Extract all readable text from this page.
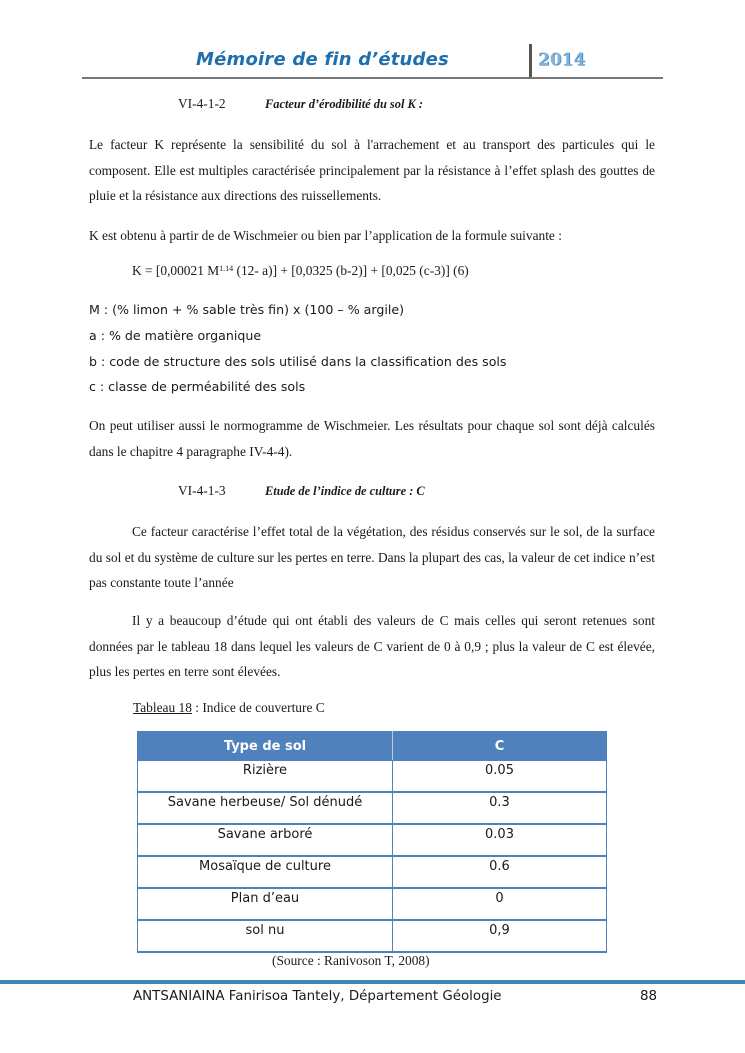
Mémoire de fin d’études	2014
VI-4-1-2	Facteur d’érodibilité du sol K :
Le facteur K représente la sensibilité du sol à l'arrachement et au transport des particules qui le composent. Elle est multiples caractérisée principalement par la résistance à l’effet splash des gouttes de pluie et la résistance aux directions des ruissellements.
K est obtenu à partir de de Wischmeier ou bien par l’application de la formule suivante :
K = [0,00021 $M^{1.14}$ (12- a)] + [0,0325 (b-2)] + [0,025 (c-3)] (6)
M : (% limon + % sable très fin) x (100 – % argile)
a : % de matière organique
b : code de structure des sols utilisé dans la classification des sols
c : classe de perméabilité des sols
On peut utiliser aussi le normogramme de Wischmeier. Les résultats pour chaque sol sont déjà calculés dans le chapitre 4 paragraphe IV-4-4).
VI-4-1-3	Etude de l’indice de culture : C
Ce facteur caractérise l’effet total de la végétation, des résidus conservés sur le sol, de la surface du sol et du système de culture sur les pertes en terre. Dans la plupart des cas, la valeur de cet indice n’est pas constante toute l’année
Il y a beaucoup d’étude qui ont établi des valeurs de C mais celles qui seront retenues sont données par le tableau 18 dans lequel les valeurs de C varient de 0 à 0,9 ; plus la valeur de C est élevée, plus les pertes en terre sont élevées.
Tableau 18 : Indice de couverture C
Type de sol	C
Rizière	0.05
Savane herbeuse/ Sol dénudé	0.3
Savane arboré	0.03
Mosaïque de culture	0.6
Plan d’eau	0
sol nu	0,9
(Source : Ranivoson T, 2008)
ANTSANIAINA Fanirisoa Tantely, Département Géologie	88
